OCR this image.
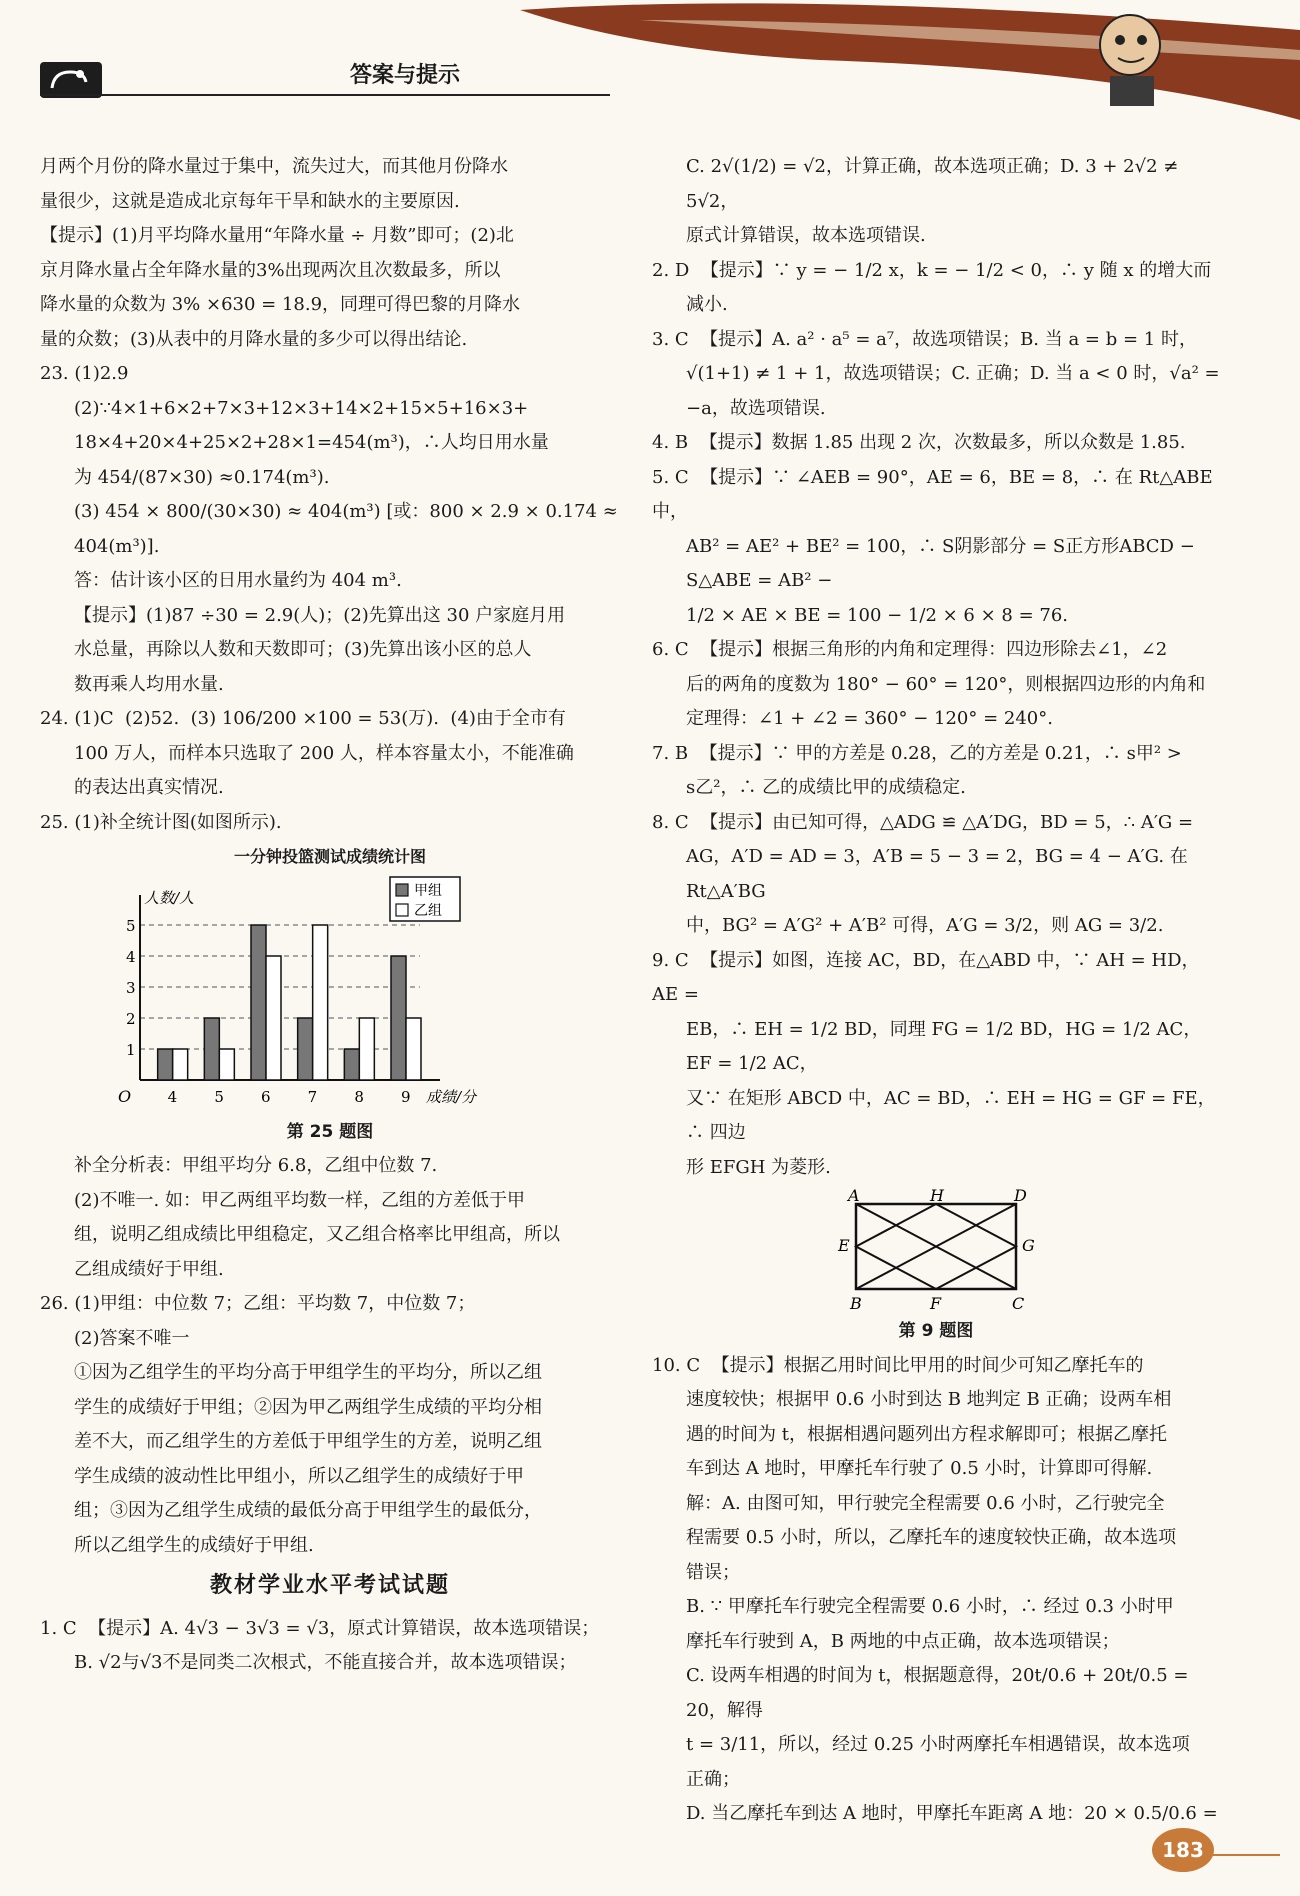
答案与提示

月两个月份的降水量过于集中，流失过大，而其他月份降水

量很少，这就是造成北京每年干旱和缺水的主要原因.

【提示】(1)月平均降水量用“年降水量 ÷ 月数”即可；(2)北

京月降水量占全年降水量的3%出现两次且次数最多，所以

降水量的众数为 3% ×630 = 18.9，同理可得巴黎的月降水

量的众数；(3)从表中的月降水量的多少可以得出结论.

23. (1)2.9

(2)∵4×1+6×2+7×3+12×3+14×2+15×5+16×3+

18×4+20×4+25×2+28×1=454(m³)，∴人均日用水量

为 454/(87×30) ≈0.174(m³).

(3) 454 × 800/(30×30) ≈ 404(m³) [或：800 × 2.9 × 0.174 ≈

404(m³)].

答：估计该小区的日用水量约为 404 m³.

【提示】(1)87 ÷30 = 2.9(人)；(2)先算出这 30 户家庭月用

水总量，再除以人数和天数即可；(3)先算出该小区的总人

数再乘人均用水量.

24. (1)C  (2)52.  (3) 106/200 ×100 = 53(万).  (4)由于全市有

100 万人，而样本只选取了 200 人，样本容量太小，不能准确

的表达出真实情况.

25. (1)补全统计图(如图所示).

一分钟投篮测试成绩统计图
1
2
3
4
5
人数/人
成绩/分
O 4 5 6 7 8 9
甲组
乙组
第 25 题图

补全分析表：甲组平均分 6.8，乙组中位数 7.

(2)不唯一. 如：甲乙两组平均数一样，乙组的方差低于甲

组，说明乙组成绩比甲组稳定，又乙组合格率比甲组高，所以

乙组成绩好于甲组.

26. (1)甲组：中位数 7；乙组：平均数 7，中位数 7；

(2)答案不唯一

①因为乙组学生的平均分高于甲组学生的平均分，所以乙组

学生的成绩好于甲组；②因为甲乙两组学生成绩的平均分相

差不大，而乙组学生的方差低于甲组学生的方差，说明乙组

学生成绩的波动性比甲组小，所以乙组学生的成绩好于甲

组；③因为乙组学生成绩的最低分高于甲组学生的最低分，

所以乙组学生的成绩好于甲组.

教材学业水平考试试题

1. C  【提示】A. 4√3 − 3√3 = √3，原式计算错误，故本选项错误；

B. √2与√3不是同类二次根式，不能直接合并，故本选项错误；

C. 2√(1/2) = √2，计算正确，故本选项正确；D. 3 + 2√2 ≠ 5√2，

原式计算错误，故本选项错误.

2. D  【提示】∵ y = − 1/2 x，k = − 1/2 < 0，∴ y 随 x 的增大而

减小.

3. C  【提示】A. a² · a⁵ = a⁷，故选项错误；B. 当 a = b = 1 时，

√(1+1) ≠ 1 + 1，故选项错误；C. 正确；D. 当 a < 0 时，√a² =

−a，故选项错误.

4. B  【提示】数据 1.85 出现 2 次，次数最多，所以众数是 1.85.

5. C  【提示】∵ ∠AEB = 90°，AE = 6，BE = 8，∴ 在 Rt△ABE 中，

AB² = AE² + BE² = 100，∴ S阴影部分 = S正方形ABCD − S△ABE = AB² −

1/2 × AE × BE = 100 − 1/2 × 6 × 8 = 76.

6. C  【提示】根据三角形的内角和定理得：四边形除去∠1，∠2

后的两角的度数为 180° − 60° = 120°，则根据四边形的内角和

定理得：∠1 + ∠2 = 360° − 120° = 240°.

7. B  【提示】∵ 甲的方差是 0.28，乙的方差是 0.21，∴ s甲² >

s乙²，∴ 乙的成绩比甲的成绩稳定.

8. C  【提示】由已知可得，△ADG ≌ △A′DG，BD = 5，∴ A′G =

AG，A′D = AD = 3，A′B = 5 − 3 = 2，BG = 4 − A′G. 在 Rt△A′BG

中，BG² = A′G² + A′B² 可得，A′G = 3/2，则 AG = 3/2.

9. C  【提示】如图，连接 AC，BD，在△ABD 中，∵ AH = HD，AE =

EB，∴ EH = 1/2 BD，同理 FG = 1/2 BD，HG = 1/2 AC，EF = 1/2 AC，

又∵ 在矩形 ABCD 中，AC = BD，∴ EH = HG = GF = FE，∴ 四边

形 EFGH 为菱形.

A	H	D
E	G
B	F	C
第 9 题图

10. C  【提示】根据乙用时间比甲用的时间少可知乙摩托车的

速度较快；根据甲 0.6 小时到达 B 地判定 B 正确；设两车相

遇的时间为 t，根据相遇问题列出方程求解即可；根据乙摩托

车到达 A 地时，甲摩托车行驶了 0.5 小时，计算即可得解.

解：A. 由图可知，甲行驶完全程需要 0.6 小时，乙行驶完全

程需要 0.5 小时，所以，乙摩托车的速度较快正确，故本选项

错误；

B. ∵ 甲摩托车行驶完全程需要 0.6 小时，∴ 经过 0.3 小时甲

摩托车行驶到 A，B 两地的中点正确，故本选项错误；

C. 设两车相遇的时间为 t，根据题意得，20t/0.6 + 20t/0.5 = 20，解得

t = 3/11，所以，经过 0.25 小时两摩托车相遇错误，故本选项

正确；

D. 当乙摩托车到达 A 地时，甲摩托车距离 A 地：20 × 0.5/0.6 =

183
